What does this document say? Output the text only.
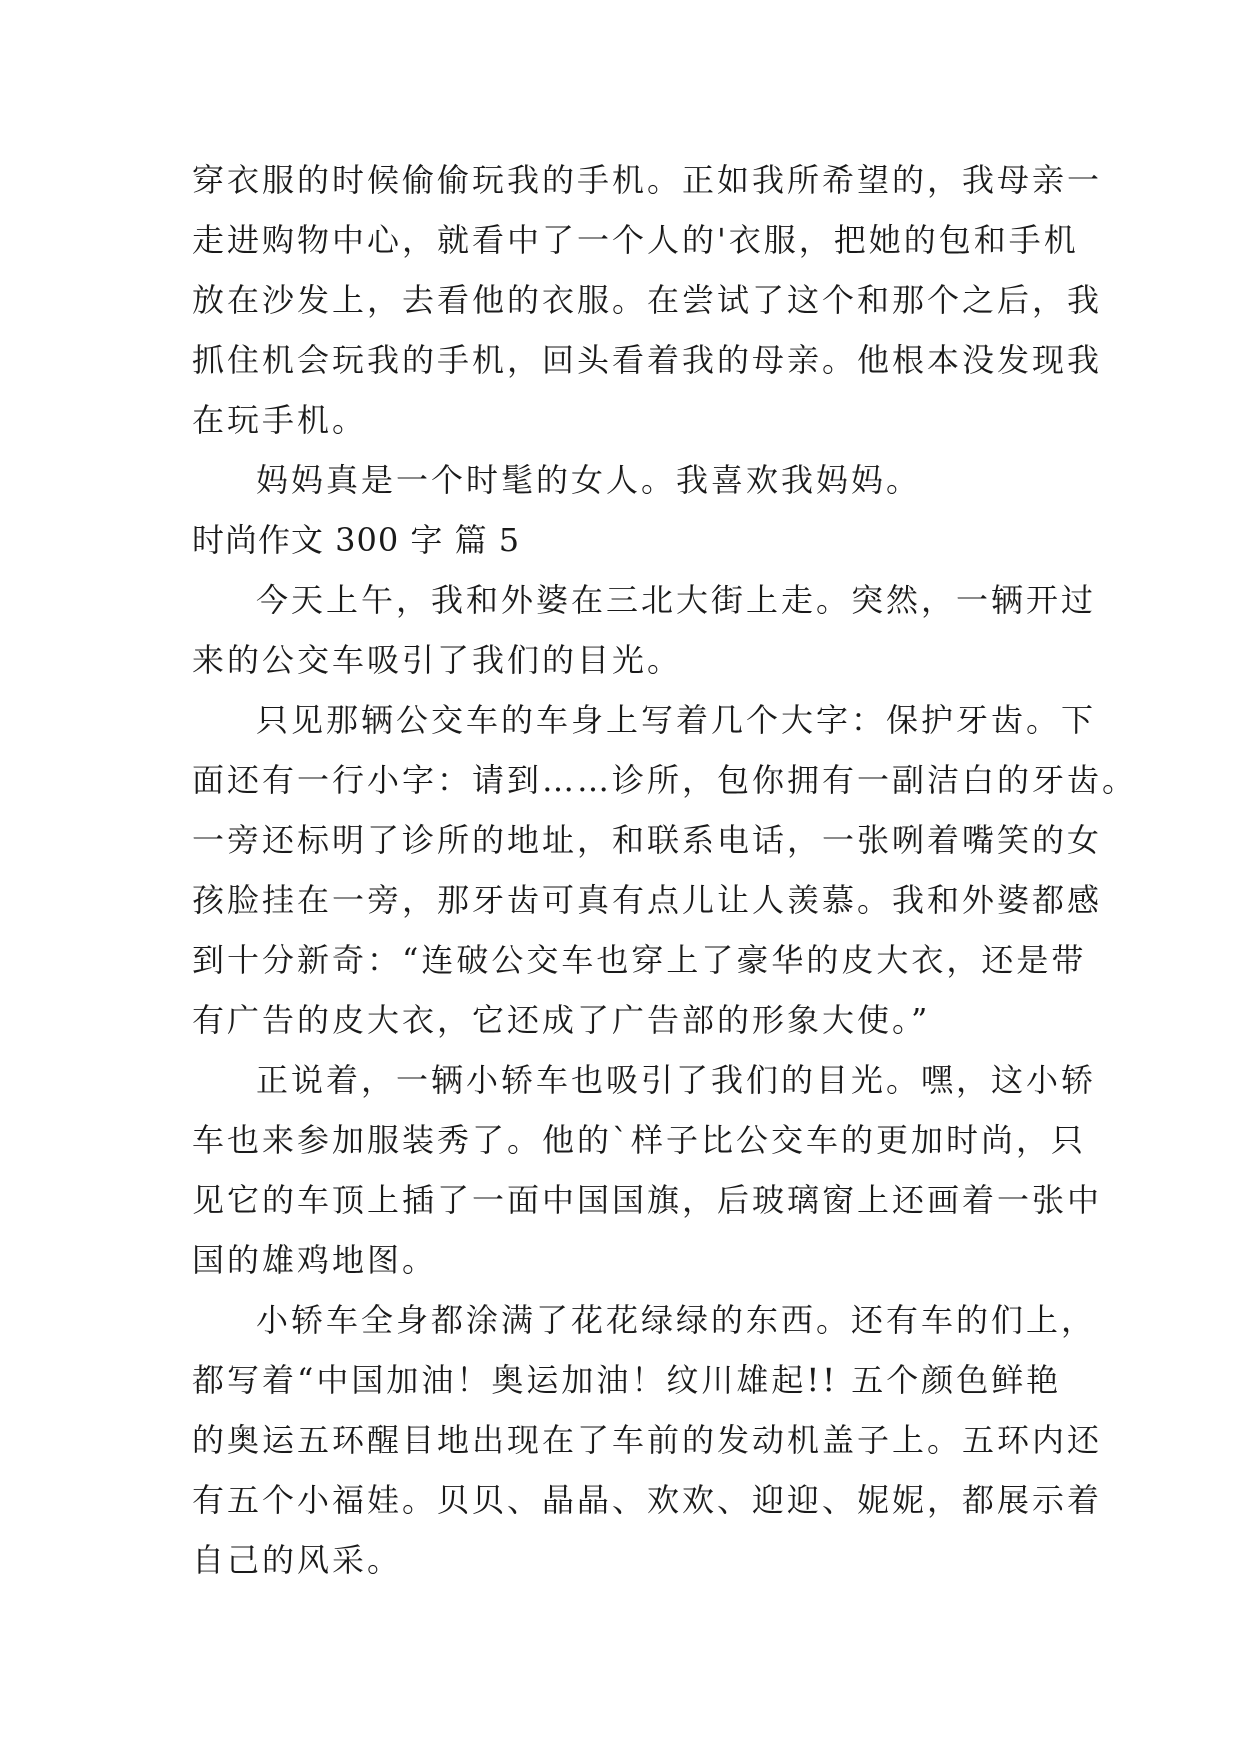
穿衣服的时候偷偷玩我的手机。正如我所希望的，我母亲一
走进购物中心，就看中了一个人的'衣服，把她的包和手机
放在沙发上，去看他的衣服。在尝试了这个和那个之后，我
抓住机会玩我的手机，回头看着我的母亲。他根本没发现我
在玩手机。
妈妈真是一个时髦的女人。我喜欢我妈妈。
时尚作文 300 字 篇 5
今天上午，我和外婆在三北大街上走。突然，一辆开过
来的公交车吸引了我们的目光。
只见那辆公交车的车身上写着几个大字：保护牙齿。下
面还有一行小字：请到……诊所，包你拥有一副洁白的牙齿。
一旁还标明了诊所的地址，和联系电话，一张咧着嘴笑的女
孩脸挂在一旁，那牙齿可真有点儿让人羡慕。我和外婆都感
到十分新奇：“连破公交车也穿上了豪华的皮大衣，还是带
有广告的皮大衣，它还成了广告部的形象大使。”
正说着，一辆小轿车也吸引了我们的目光。嘿，这小轿
车也来参加服装秀了。他的`样子比公交车的更加时尚，只
见它的车顶上插了一面中国国旗，后玻璃窗上还画着一张中
国的雄鸡地图。
小轿车全身都涂满了花花绿绿的东西。还有车的们上，
都写着“中国加油！奥运加油！纹川雄起!! 五个颜色鲜艳
的奥运五环醒目地出现在了车前的发动机盖子上。五环内还
有五个小福娃。贝贝、晶晶、欢欢、迎迎、妮妮，都展示着
自己的风采。
